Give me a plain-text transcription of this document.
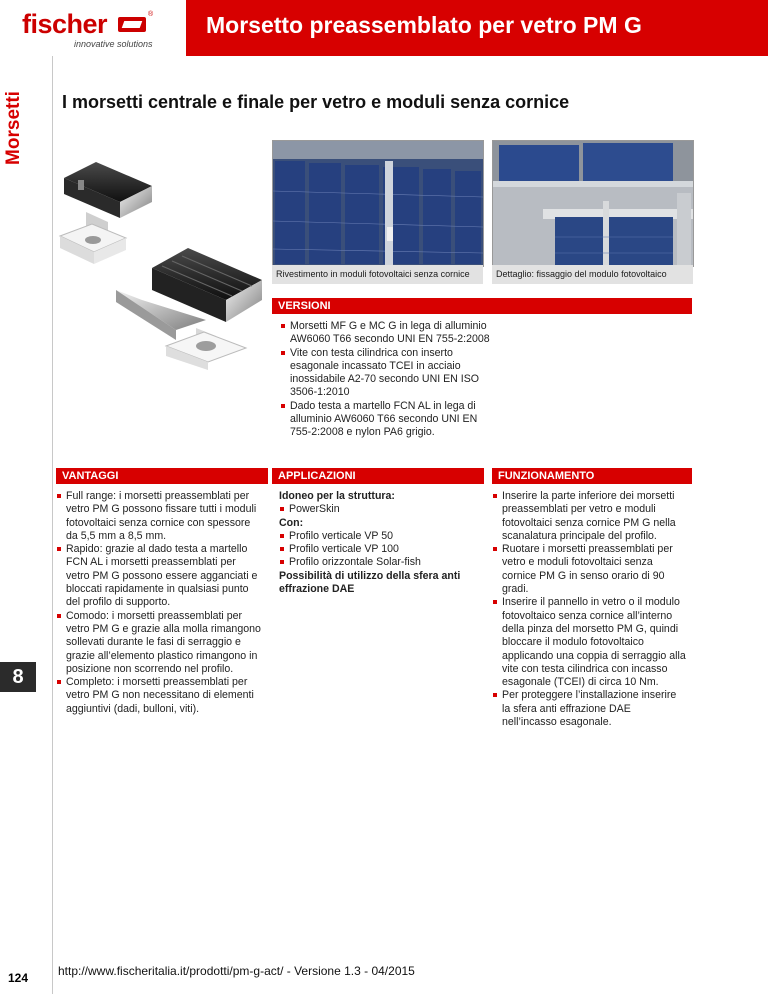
fischer	®
innovative solutions
Morsetto preassemblato per vetro PM G
Morsetti
8
124
I morsetti centrale e finale per vetro e moduli senza cornice
Rivestimento in moduli fotovoltaici senza cornice	Dettaglio: fissaggio del modulo fotovoltaico
VERSIONI
Morsetti MF G e MC G in lega di alluminio AW6060 T66 secondo UNI EN 755-2:2008
Vite con testa cilindrica con inserto esagonale incassato TCEI in acciaio inossidabile A2-70 secondo UNI EN ISO 3506-1:2010
Dado testa a martello FCN AL in lega di alluminio AW6060 T66 secondo UNI EN 755-2:2008 e nylon PA6 grigio.
VANTAGGI
Full range: i morsetti preassemblati per vetro PM G possono fissare tutti i moduli fotovoltaici senza cornice con spessore da 5,5 mm a 8,5 mm.
Rapido: grazie al dado testa a martello FCN AL i morsetti preassemblati per vetro PM G possono essere agganciati e bloccati rapidamente in qualsiasi punto del profilo di supporto.
Comodo: i morsetti preassemblati per vetro PM G e grazie alla molla rimangono sollevati durante le fasi di serraggio e grazie all’elemento plastico rimangono in posizione non scorrendo nel profilo.
Completo: i morsetti preassemblati per vetro PM G non necessitano di elementi aggiuntivi (dadi, bulloni, viti).
APPLICAZIONI
Idoneo per la struttura:
PowerSkin
Con:
Profilo verticale VP 50
Profilo verticale VP 100
Profilo orizzontale Solar-fish
Possibilità di utilizzo della sfera anti effrazione DAE
FUNZIONAMENTO
Inserire la parte inferiore dei morsetti preassemblati per vetro e moduli fotovoltaici senza cornice PM G nella scanalatura principale del profilo.
Ruotare i morsetti preassemblati per vetro e moduli fotovoltaici senza cornice PM G in senso orario di 90 gradi.
Inserire il pannello in vetro o il modulo fotovoltaico senza cornice all’interno della pinza del morsetto PM G, quindi bloccare il modulo fotovoltaico applicando una coppia di serraggio alla vite con testa cilindrica con incasso esagonale (TCEI) di circa 10 Nm.
Per proteggere l’installazione inserire la sfera anti effrazione DAE nell’incasso esagonale.
http://www.fischeritalia.it/prodotti/pm-g-act/ - Versione 1.3 - 04/2015
